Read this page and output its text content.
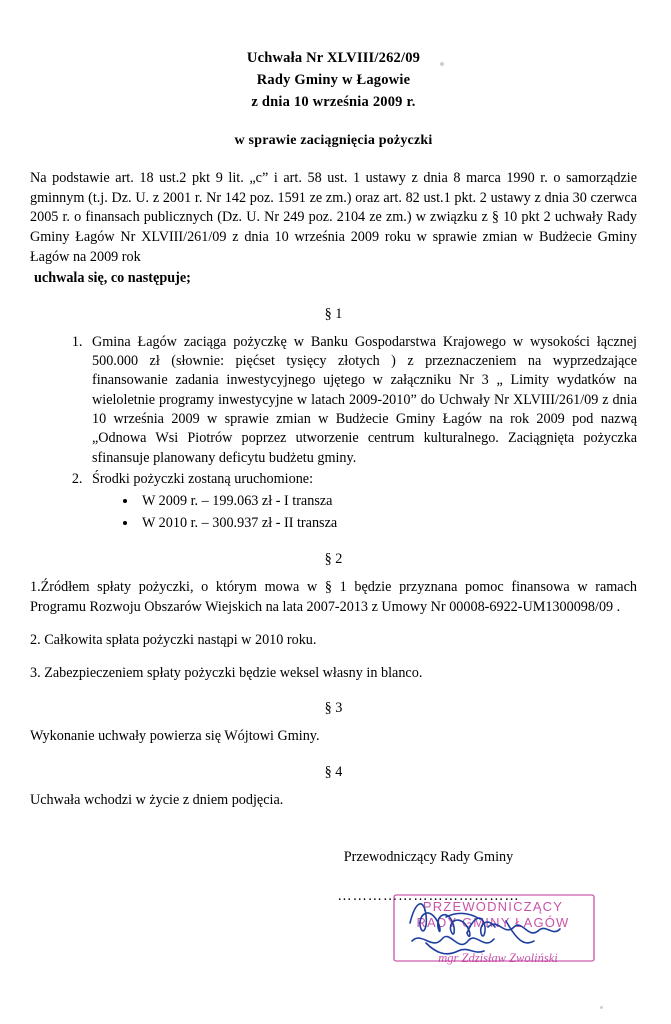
Uchwała Nr XLVIII/262/09
Rady Gminy w Łagowie
z dnia 10 września 2009 r.
w sprawie zaciągnięcia pożyczki

Na podstawie art. 18 ust.2 pkt 9 lit. „c” i art. 58 ust. 1 ustawy z dnia 8 marca 1990 r. o samorządzie gminnym (t.j. Dz. U. z 2001 r. Nr 142 poz. 1591 ze zm.) oraz art. 82 ust.1 pkt. 2 ustawy z dnia 30 czerwca 2005 r. o finansach publicznych (Dz. U. Nr 249 poz. 2104 ze zm.) w związku z § 10 pkt 2 uchwały Rady Gminy Łagów Nr XLVIII/261/09 z dnia 10 września 2009 roku w sprawie zmian w Budżecie Gminy Łagów na 2009 rok

uchwala się, co następuje;

§ 1
1. Gmina Łagów zaciąga pożyczkę w Banku Gospodarstwa Krajowego w wysokości łącznej 500.000 zł (słownie: pięćset tysięcy złotych ) z przeznaczeniem na wyprzedzające finansowanie zadania inwestycyjnego ujętego w załączniku Nr 3 „ Limity wydatków na wieloletnie programy inwestycyjne w latach 2009-2010” do Uchwały Nr XLVIII/261/09 z dnia 10 września 2009 w sprawie zmian w Budżecie Gminy Łagów na rok 2009 pod nazwą „Odnowa Wsi Piotrów poprzez utworzenie centrum kulturalnego. Zaciągnięta pożyczka sfinansuje planowany deficytu budżetu gminy.
2. Środki pożyczki zostaną uruchomione:
• W 2009 r. – 199.063 zł - I transza
• W 2010 r. – 300.937 zł - II transza
§ 2
1.Źródłem spłaty pożyczki, o którym mowa w § 1 będzie przyznana pomoc finansowa w ramach Programu Rozwoju Obszarów Wiejskich na lata 2007-2013 z Umowy Nr 00008-6922-UM1300098/09 .
2. Całkowita spłata pożyczki nastąpi w 2010 roku.
3. Zabezpieczeniem spłaty pożyczki będzie weksel własny in blanco.
§ 3
Wykonanie uchwały powierza się Wójtowi Gminy.
§ 4
Uchwała wchodzi w życie z dniem podjęcia.
Przewodniczący Rady Gminy
………………………………
PRZEWODNICZĄCY
RADY GMINY ŁAGÓW
mgr Zdzisław Zwoliński
